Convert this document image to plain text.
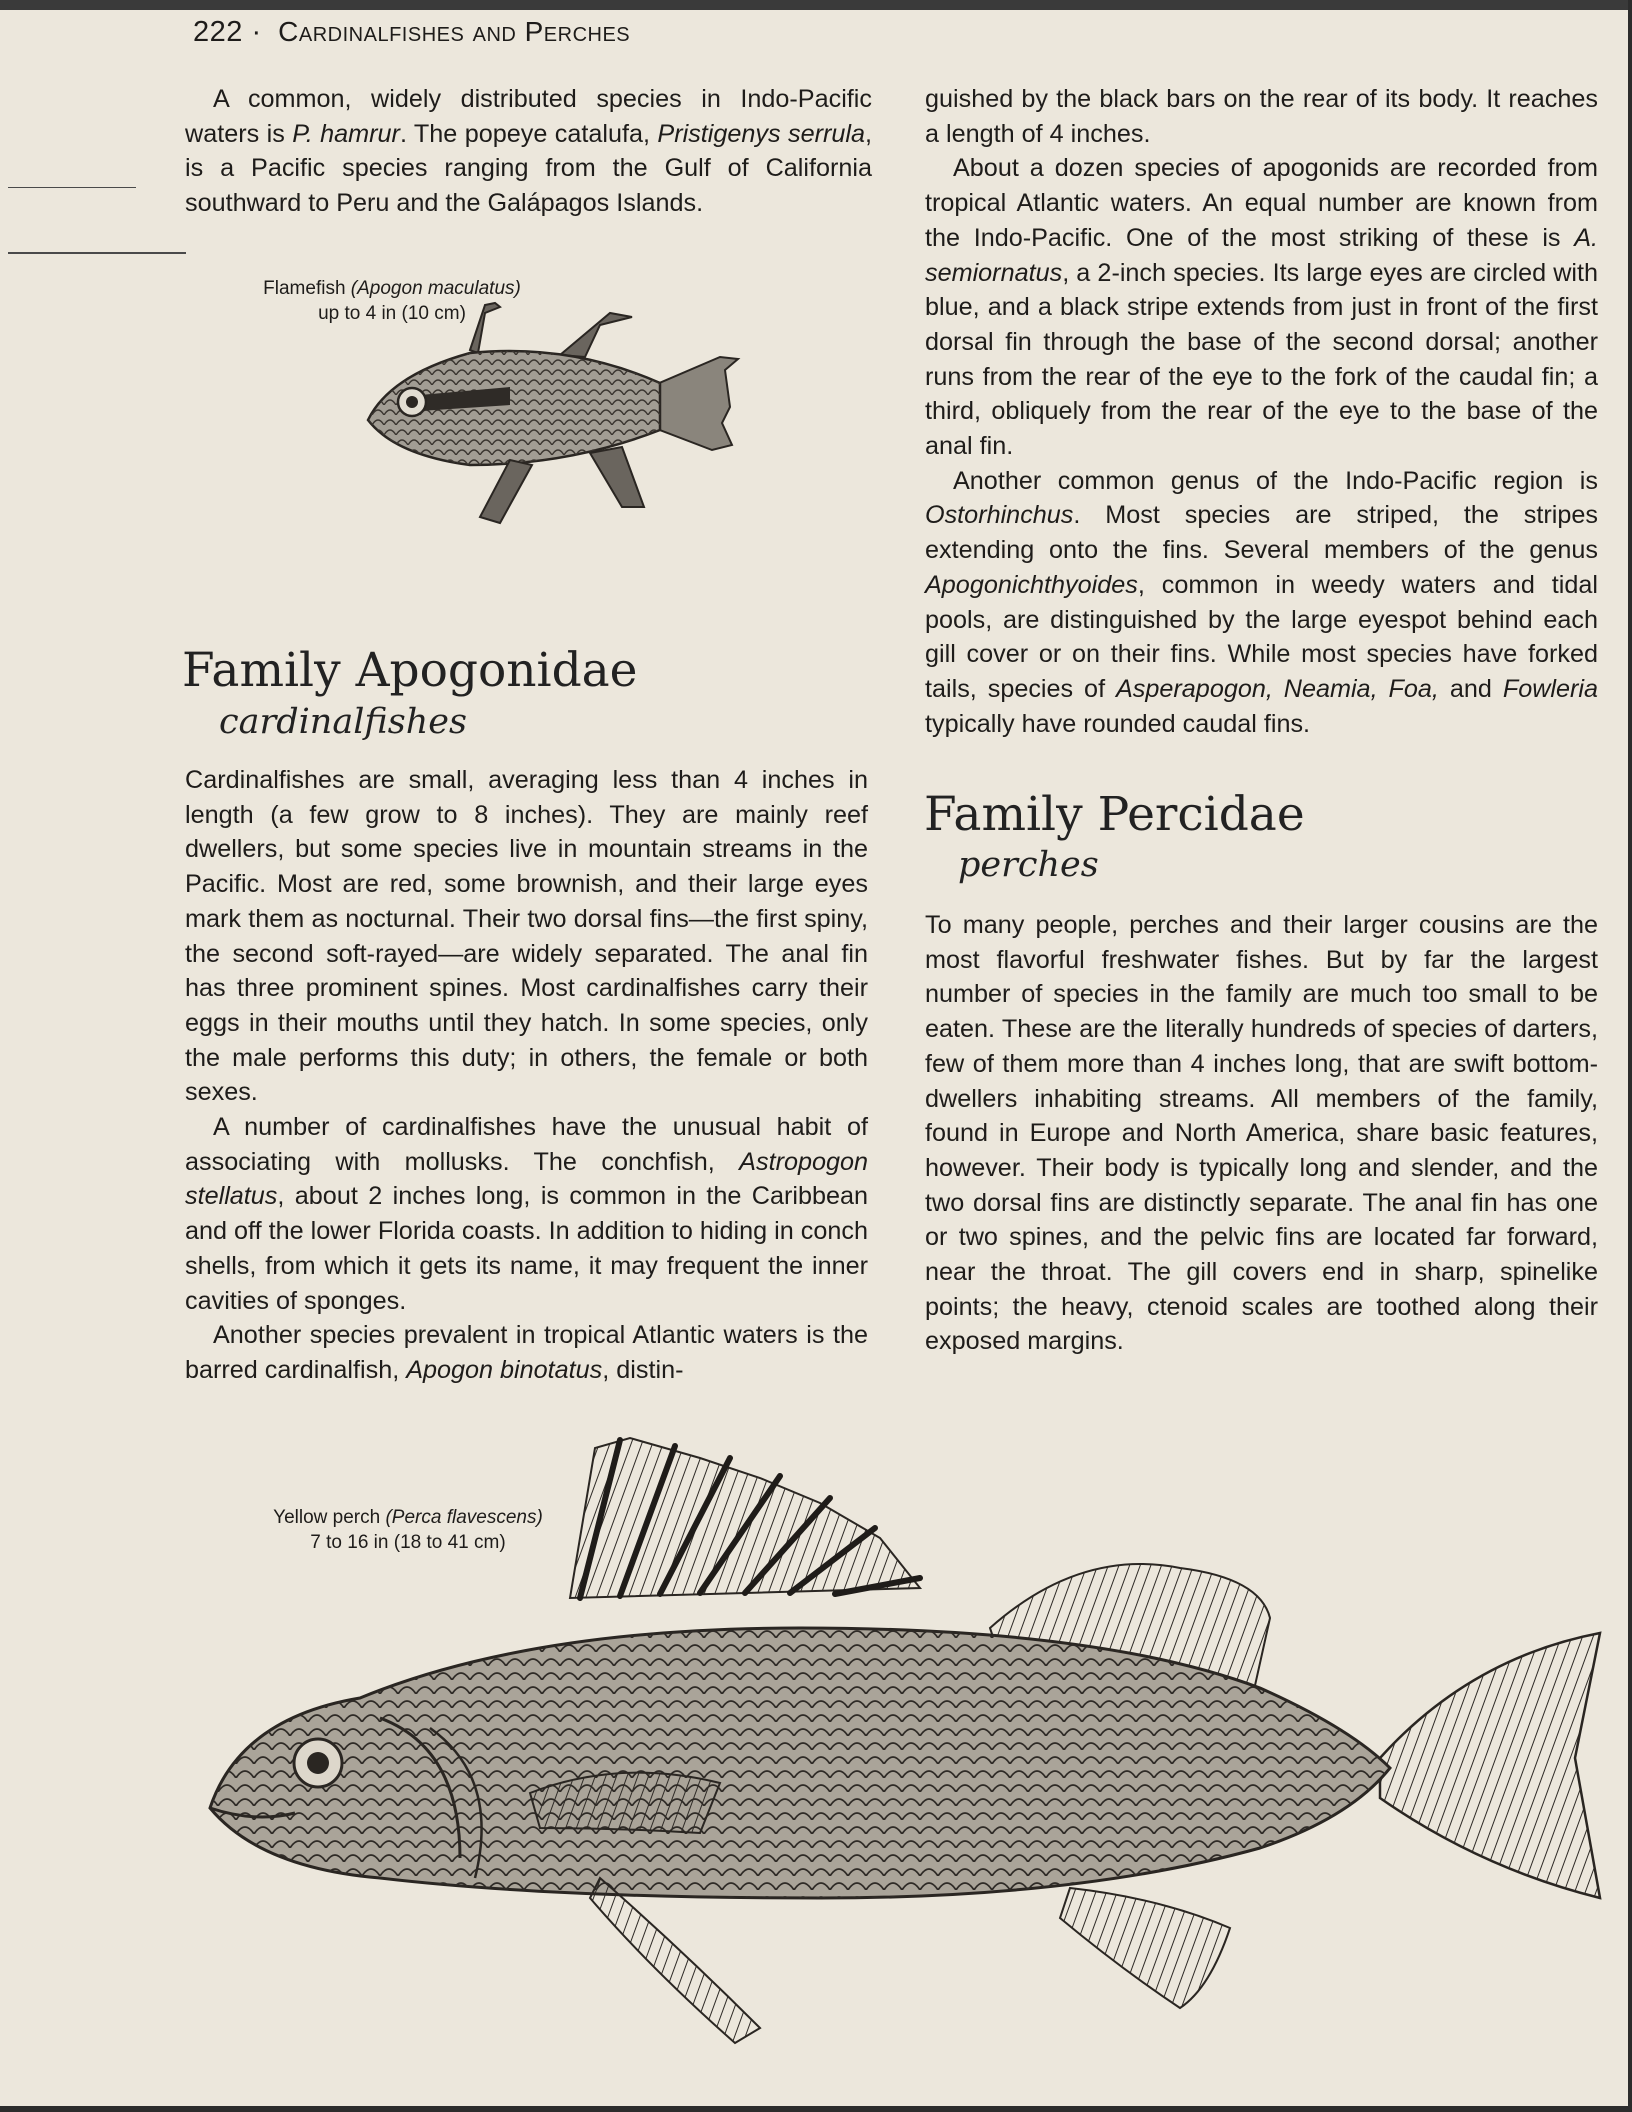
222 · Cardinalfishes and Perches

A common, widely distributed species in Indo-Pacific waters is P. hamrur. The popeye catalufa, Pristigenys serrula, is a Pacific species ranging from the Gulf of California southward to Peru and the Galápagos Islands.

Flamefish (Apogon maculatus)
up to 4 in (10 cm)
Family Apogonidae
cardinalfishes

Cardinalfishes are small, averaging less than 4 inches in length (a few grow to 8 inches). They are mainly reef dwellers, but some species live in mountain streams in the Pacific. Most are red, some brownish, and their large eyes mark them as nocturnal. Their two dorsal fins—the first spiny, the second soft-rayed—are widely separated. The anal fin has three prominent spines. Most cardinalfishes carry their eggs in their mouths until they hatch. In some species, only the male performs this duty; in others, the female or both sexes.

A number of cardinalfishes have the unusual habit of associating with mollusks. The conchfish, Astropogon stellatus, about 2 inches long, is common in the Caribbean and off the lower Florida coasts. In addition to hiding in conch shells, from which it gets its name, it may frequent the inner cavities of sponges.

Another species prevalent in tropical Atlantic waters is the barred cardinalfish, Apogon binotatus, distin-

guished by the black bars on the rear of its body. It reaches a length of 4 inches.

About a dozen species of apogonids are recorded from tropical Atlantic waters. An equal number are known from the Indo-Pacific. One of the most striking of these is A. semiornatus, a 2-inch species. Its large eyes are circled with blue, and a black stripe extends from just in front of the first dorsal fin through the base of the second dorsal; another runs from the rear of the eye to the fork of the caudal fin; a third, obliquely from the rear of the eye to the base of the anal fin.

Another common genus of the Indo-Pacific region is Ostorhinchus. Most species are striped, the stripes extending onto the fins. Several members of the genus Apogonichthyoides, common in weedy waters and tidal pools, are distinguished by the large eyespot behind each gill cover or on their fins. While most species have forked tails, species of Asperapogon, Neamia, Foa, and Fowleria typically have rounded caudal fins.

Family Percidae
perches

To many people, perches and their larger cousins are the most flavorful freshwater fishes. But by far the largest number of species in the family are much too small to be eaten. These are the literally hundreds of species of darters, few of them more than 4 inches long, that are swift bottom-dwellers inhabiting streams. All members of the family, found in Europe and North America, share basic features, however. Their body is typically long and slender, and the two dorsal fins are distinctly separate. The anal fin has one or two spines, and the pelvic fins are located far forward, near the throat. The gill covers end in sharp, spinelike points; the heavy, ctenoid scales are toothed along their exposed margins.

Yellow perch (Perca flavescens)
7 to 16 in (18 to 41 cm)
